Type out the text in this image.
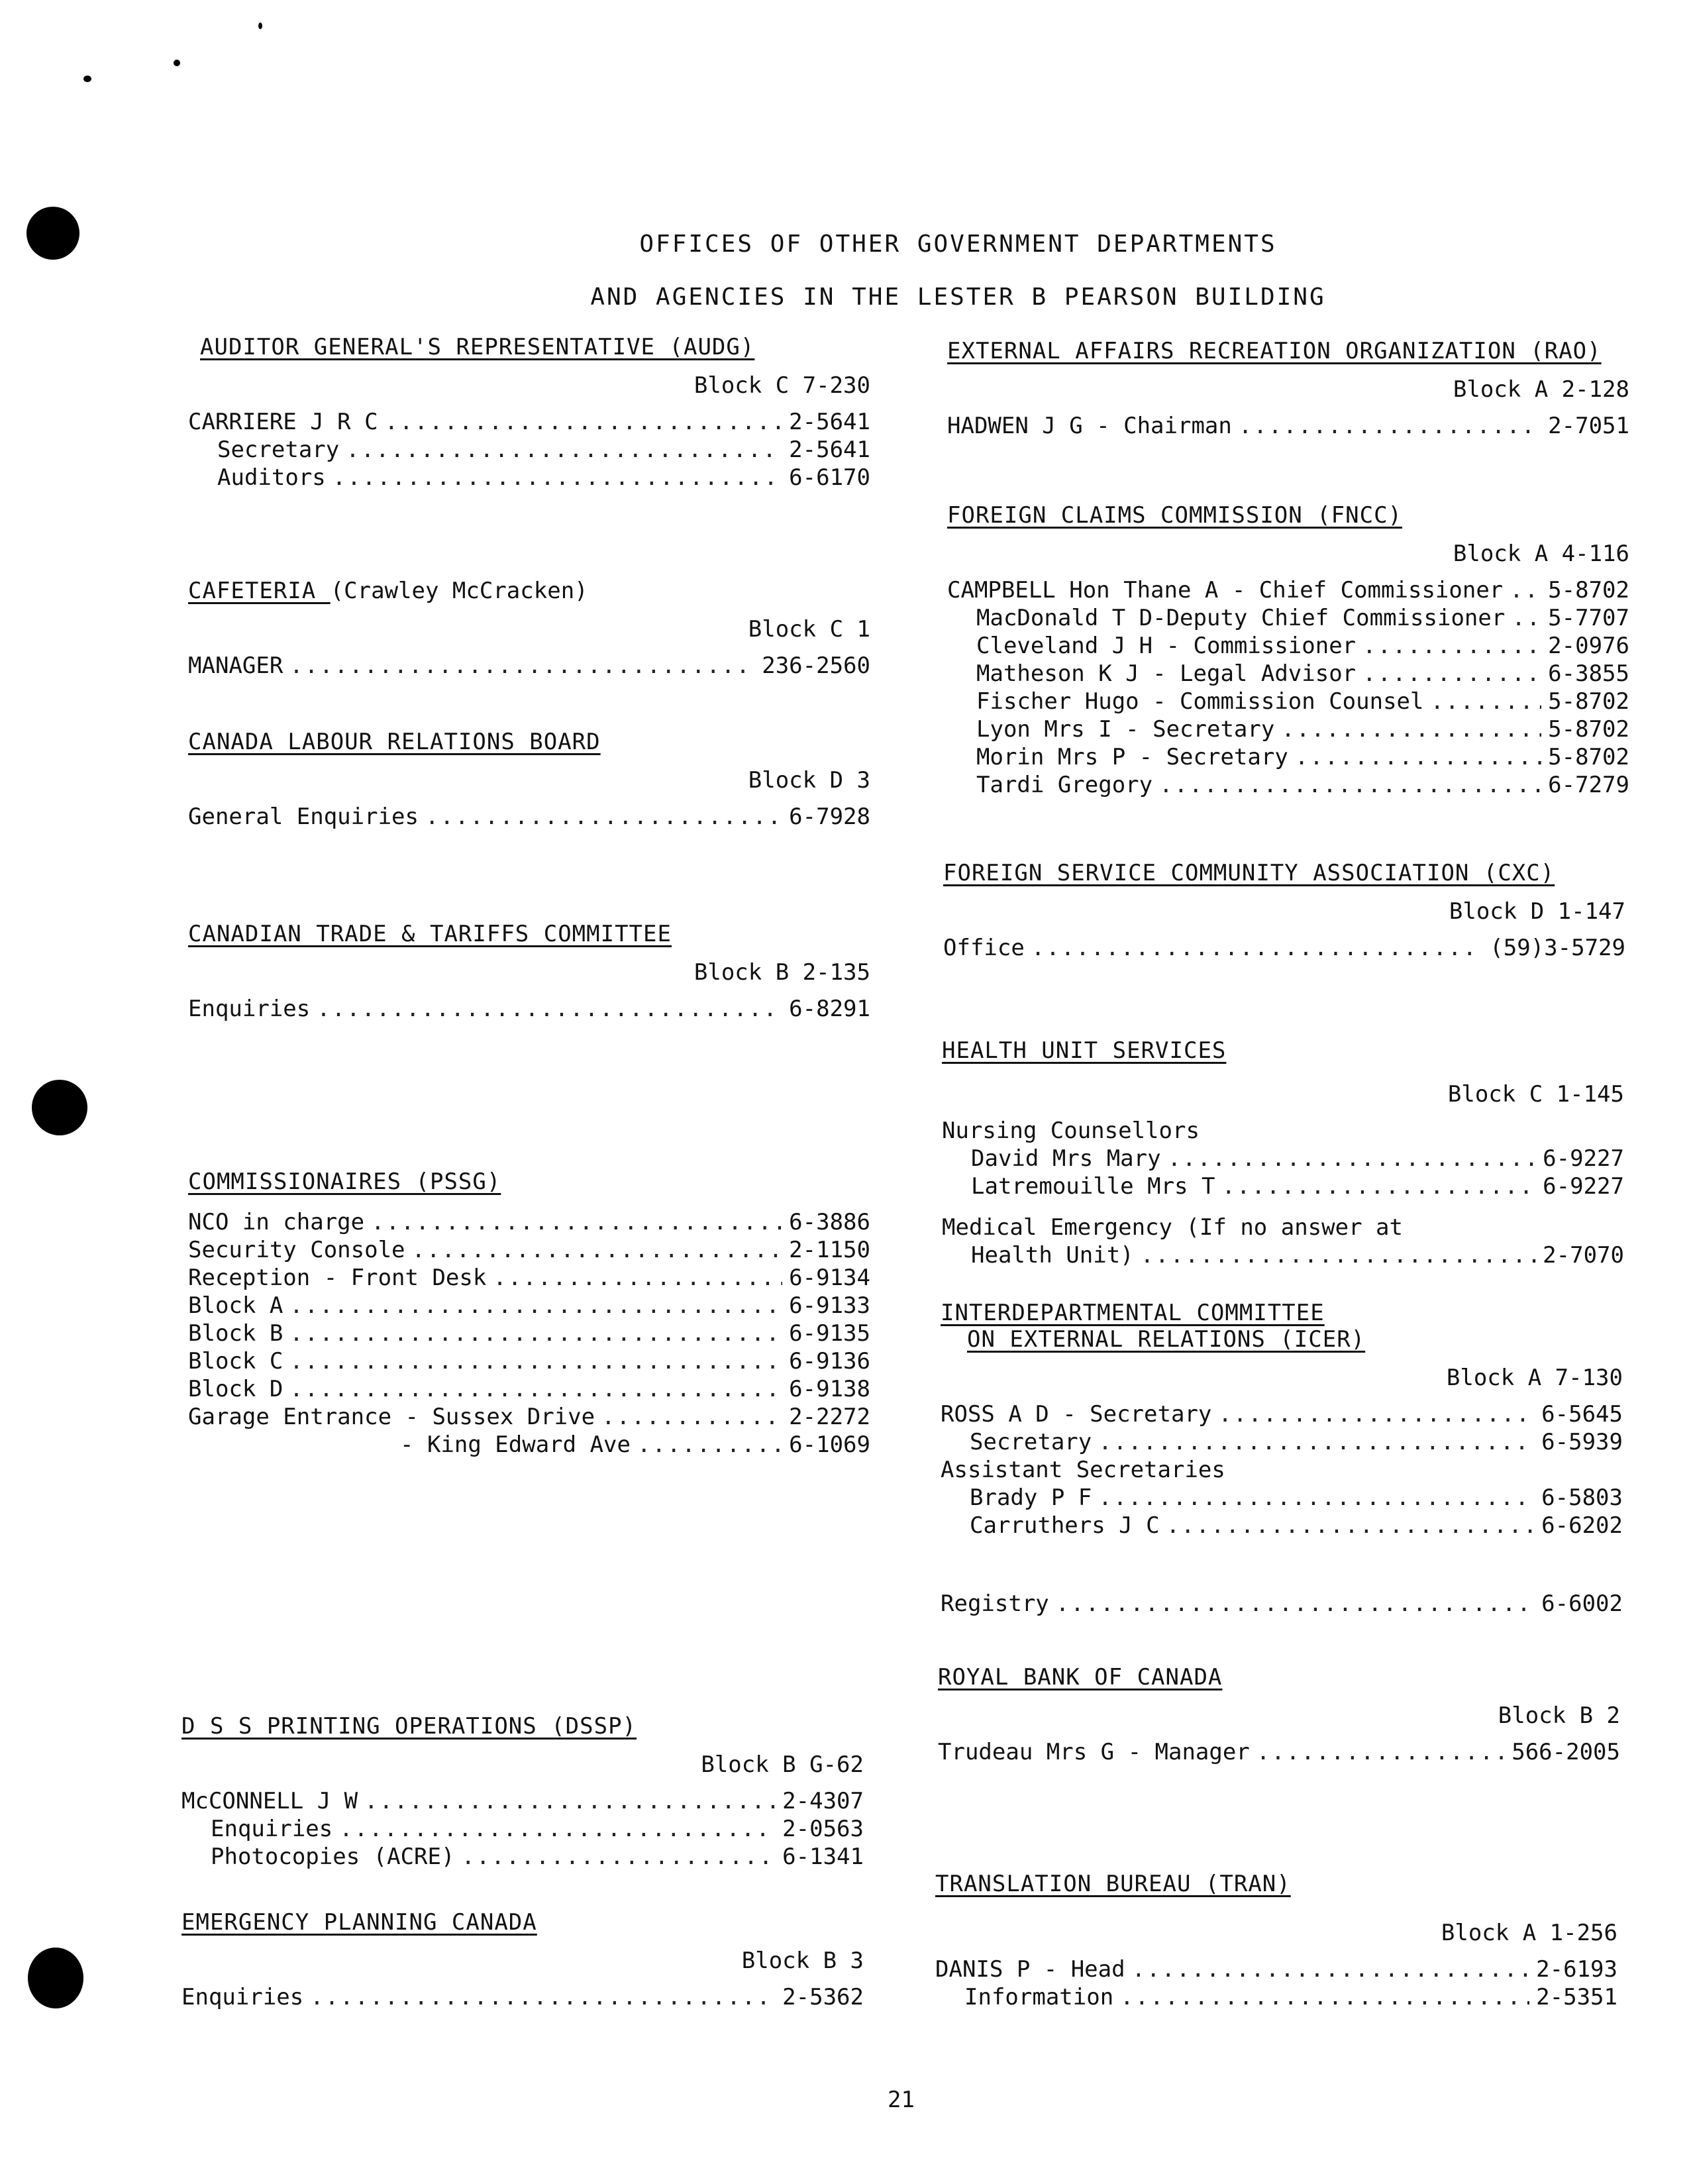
OFFICES OF OTHER GOVERNMENT DEPARTMENTS
AND AGENCIES IN THE LESTER B PEARSON BUILDING
AUDITOR GENERAL'S REPRESENTATIVE (AUDG)
Block C 7-230
CARRIERE J R C .....	2-5641
Secretary .....	2-5641
Auditors .....	6-6170
CAFETERIA (Crawley McCracken)
Block C 1
MANAGER .....	236-2560
CANADA LABOUR RELATIONS BOARD
Block D 3
General Enquiries .....	6-7928
CANADIAN TRADE & TARIFFS COMMITTEE
Block B 2-135
Enquiries .....	6-8291
COMMISSIONAIRES (PSSG)
NCO in charge .....	6-3886
Security Console .....	2-1150
Reception - Front Desk .....	6-9134
Block A .....	6-9133
Block B .....	6-9135
Block C .....	6-9136
Block D .....	6-9138
Garage Entrance - Sussex Drive .....	2-2272
- King Edward Ave .....	6-1069
D S S PRINTING OPERATIONS (DSSP)
Block B G-62
McCONNELL J W .....	2-4307
Enquiries .....	2-0563
Photocopies (ACRE) .....	6-1341
EMERGENCY PLANNING CANADA
Block B 3
Enquiries .....	2-5362
EXTERNAL AFFAIRS RECREATION ORGANIZATION (RAO)
Block A 2-128
HADWEN J G - Chairman .....	2-7051
FOREIGN CLAIMS COMMISSION (FNCC)
Block A 4-116
CAMPBELL Hon Thane A - Chief Commissioner ..... 5-8702
MacDonald T D-Deputy Chief Commissioner ..... 5-7707
Cleveland J H - Commissioner .....	2-0976
Matheson K J - Legal Advisor .....	6-3855
Fischer Hugo - Commission Counsel .....	5-8702
Lyon Mrs I - Secretary .....	5-8702
Morin Mrs P - Secretary .....	5-8702
Tardi Gregory .....	6-7279
FOREIGN SERVICE COMMUNITY ASSOCIATION (CXC)
Block D 1-147
Office .....	(59)3-5729
HEALTH UNIT SERVICES
Block C 1-145
Nursing Counsellors
David Mrs Mary .....	6-9227
Latremouille Mrs T .....	6-9227
Medical Emergency (If no answer at
Health Unit) .....	2-7070
INTERDEPARTMENTAL COMMITTEE
ON EXTERNAL RELATIONS (ICER)
Block A 7-130
ROSS A D - Secretary .....	6-5645
Secretary .....	6-5939
Assistant Secretaries
Brady P F .....	6-5803
Carruthers J C .....	6-6202
Registry .....	6-6002
ROYAL BANK OF CANADA
Block B 2
Trudeau Mrs G - Manager .....	566-2005
TRANSLATION BUREAU (TRAN)
Block A 1-256
DANIS P - Head .....	2-6193
Information .....	2-5351
21
